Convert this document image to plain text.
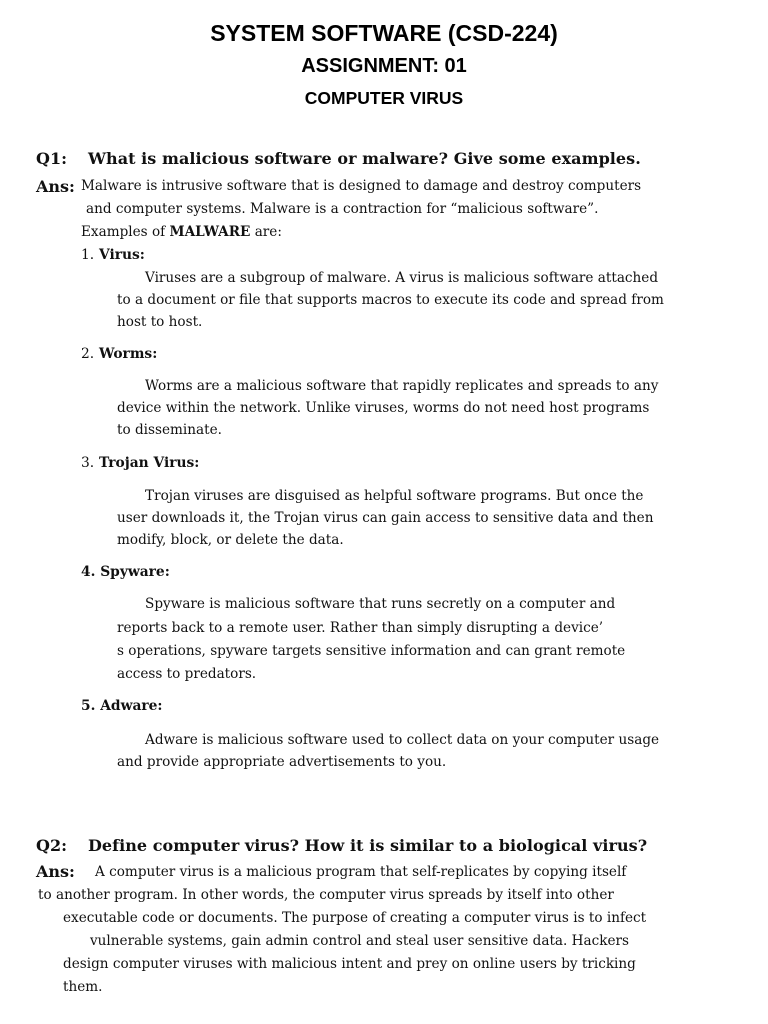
SYSTEM SOFTWARE (CSD-224)
ASSIGNMENT: 01
COMPUTER VIRUS
Q1: What is malicious software or malware? Give some examples.
Ans: Malware is intrusive software that is designed to damage and destroy computers
and computer systems. Malware is a contraction for “malicious software”.
Examples of MALWARE are:
1. Virus:
Viruses are a subgroup of malware. A virus is malicious software attached
to a document or file that supports macros to execute its code and spread from
host to host.
2. Worms:
Worms are a malicious software that rapidly replicates and spreads to any
device within the network. Unlike viruses, worms do not need host programs
to disseminate.
3. Trojan Virus:
Trojan viruses are disguised as helpful software programs. But once the
user downloads it, the Trojan virus can gain access to sensitive data and then
modify, block, or delete the data.
4. Spyware:
Spyware is malicious software that runs secretly on a computer and
reports back to a remote user. Rather than simply disrupting a device’
s operations, spyware targets sensitive information and can grant remote
access to predators.
5. Adware:
Adware is malicious software used to collect data on your computer usage
and provide appropriate advertisements to you.
Q2: Define computer virus? How it is similar to a biological virus?
Ans: A computer virus is a malicious program that self-replicates by copying itself
to another program. In other words, the computer virus spreads by itself into other
executable code or documents. The purpose of creating a computer virus is to infect
vulnerable systems, gain admin control and steal user sensitive data. Hackers
design computer viruses with malicious intent and prey on online users by tricking
them.
